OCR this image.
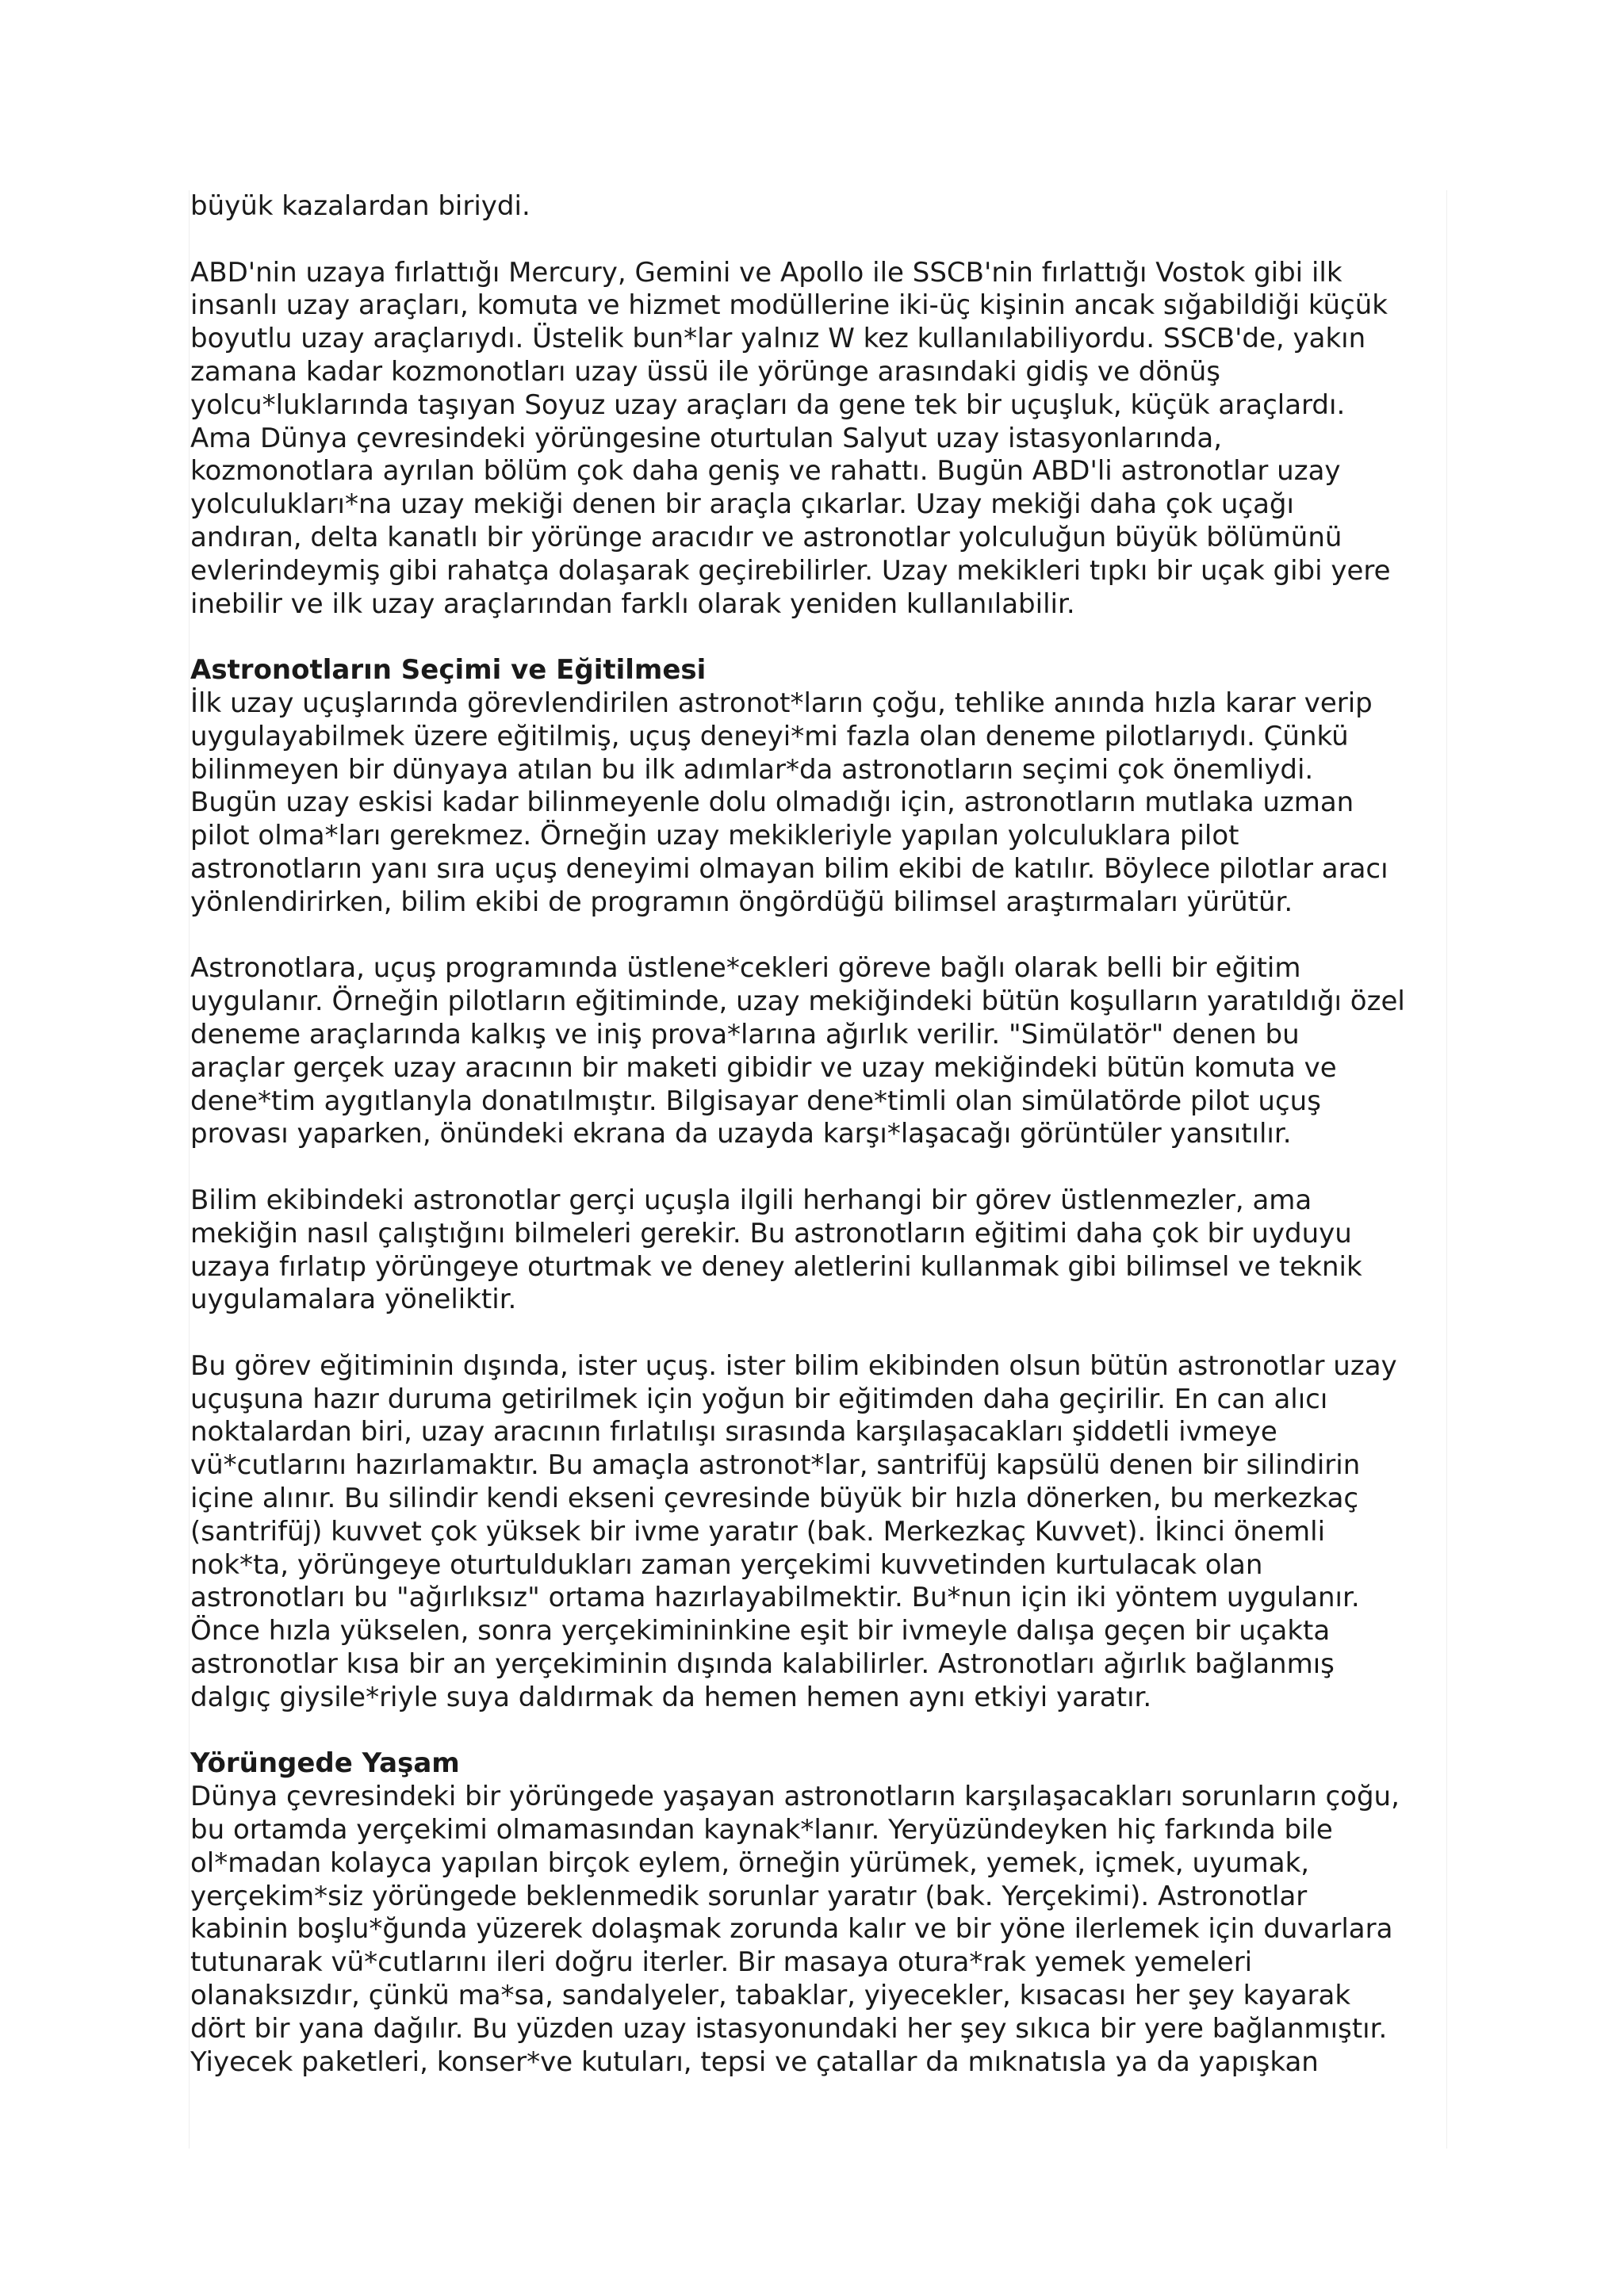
büyük kazalardan biriydi.

ABD'nin uzaya fırlattığı Mercury, Gemini ve Apollo ile SSCB'nin fırlattığı Vostok gibi ilk
insanlı uzay araçları, komuta ve hizmet modüllerine iki-üç kişinin ancak sığabildiği küçük
boyutlu uzay araçlarıydı. Üstelik bun*lar yalnız W kez kullanılabiliyordu. SSCB'de, yakın
zamana kadar kozmonotları uzay üssü ile yörünge arasındaki gidiş ve dönüş
yolcu*luklarında taşıyan Soyuz uzay araçları da gene tek bir uçuşluk, küçük araçlardı.
Ama Dünya çevresindeki yörüngesine oturtulan Salyut uzay istasyonlarında,
kozmonotlara ayrılan bölüm çok daha geniş ve rahattı. Bugün ABD'li astronotlar uzay
yolculukları*na uzay mekiği denen bir araçla çıkarlar. Uzay mekiği daha çok uçağı
andıran, delta kanatlı bir yörünge aracıdır ve astronotlar yolculuğun büyük bölümünü
evlerindeymiş gibi rahatça dolaşarak geçirebilirler. Uzay mekikleri tıpkı bir uçak gibi yere
inebilir ve ilk uzay araçlarından farklı olarak yeniden kullanılabilir.

Astronotların Seçimi ve Eğitilmesi

İlk uzay uçuşlarında görevlendirilen astronot*ların çoğu, tehlike anında hızla karar verip
uygulayabilmek üzere eğitilmiş, uçuş deneyi*mi fazla olan deneme pilotlarıydı. Çünkü
bilinmeyen bir dünyaya atılan bu ilk adımlar*da astronotların seçimi çok önemliydi.
Bugün uzay eskisi kadar bilinmeyenle dolu olmadığı için, astronotların mutlaka uzman
pilot olma*ları gerekmez. Örneğin uzay mekikleriyle yapılan yolculuklara pilot
astronotların yanı sıra uçuş deneyimi olmayan bilim ekibi de katılır. Böylece pilotlar aracı
yönlendirirken, bilim ekibi de programın öngördüğü bilimsel araştırmaları yürütür.

Astronotlara, uçuş programında üstlene*cekleri göreve bağlı olarak belli bir eğitim
uygulanır. Örneğin pilotların eğitiminde, uzay mekiğindeki bütün koşulların yaratıldığı özel
deneme araçlarında kalkış ve iniş prova*larına ağırlık verilir. "Simülatör" denen bu
araçlar gerçek uzay aracının bir maketi gibidir ve uzay mekiğindeki bütün komuta ve
dene*tim aygıtlanyla donatılmıştır. Bilgisayar dene*timli olan simülatörde pilot uçuş
provası yaparken, önündeki ekrana da uzayda karşı*laşacağı görüntüler yansıtılır.

Bilim ekibindeki astronotlar gerçi uçuşla ilgili herhangi bir görev üstlenmezler, ama
mekiğin nasıl çalıştığını bilmeleri gerekir. Bu astronotların eğitimi daha çok bir uyduyu
uzaya fırlatıp yörüngeye oturtmak ve deney aletlerini kullanmak gibi bilimsel ve teknik
uygulamalara yöneliktir.

Bu görev eğitiminin dışında, ister uçuş. ister bilim ekibinden olsun bütün astronotlar uzay
uçuşuna hazır duruma getirilmek için yoğun bir eğitimden daha geçirilir. En can alıcı
noktalardan biri, uzay aracının fırlatılışı sırasında karşılaşacakları şiddetli ivmeye
vü*cutlarını hazırlamaktır. Bu amaçla astronot*lar, santrifüj kapsülü denen bir silindirin
içine alınır. Bu silindir kendi ekseni çevresinde büyük bir hızla dönerken, bu merkezkaç
(santrifüj) kuvvet çok yüksek bir ivme yaratır (bak. Merkezkaç Kuvvet). İkinci önemli
nok*ta, yörüngeye oturtuldukları zaman yerçekimi kuvvetinden kurtulacak olan
astronotları bu "ağırlıksız" ortama hazırlayabilmektir. Bu*nun için iki yöntem uygulanır.
Önce hızla yükselen, sonra yerçekimininkine eşit bir ivmeyle dalışa geçen bir uçakta
astronotlar kısa bir an yerçekiminin dışında kalabilirler. Astronotları ağırlık bağlanmış
dalgıç giysile*riyle suya daldırmak da hemen hemen aynı etkiyi yaratır.

Yörüngede Yaşam

Dünya çevresindeki bir yörüngede yaşayan astronotların karşılaşacakları sorunların çoğu,
bu ortamda yerçekimi olmamasından kaynak*lanır. Yeryüzündeyken hiç farkında bile
ol*madan kolayca yapılan birçok eylem, örneğin yürümek, yemek, içmek, uyumak,
yerçekim*siz yörüngede beklenmedik sorunlar yaratır (bak. Yerçekimi). Astronotlar
kabinin boşlu*ğunda yüzerek dolaşmak zorunda kalır ve bir yöne ilerlemek için duvarlara
tutunarak vü*cutlarını ileri doğru iterler. Bir masaya otura*rak yemek yemeleri
olanaksızdır, çünkü ma*sa, sandalyeler, tabaklar, yiyecekler, kısacası her şey kayarak
dört bir yana dağılır. Bu yüzden uzay istasyonundaki her şey sıkıca bir yere bağlanmıştır.
Yiyecek paketleri, konser*ve kutuları, tepsi ve çatallar da mıknatısla ya da yapışkan
